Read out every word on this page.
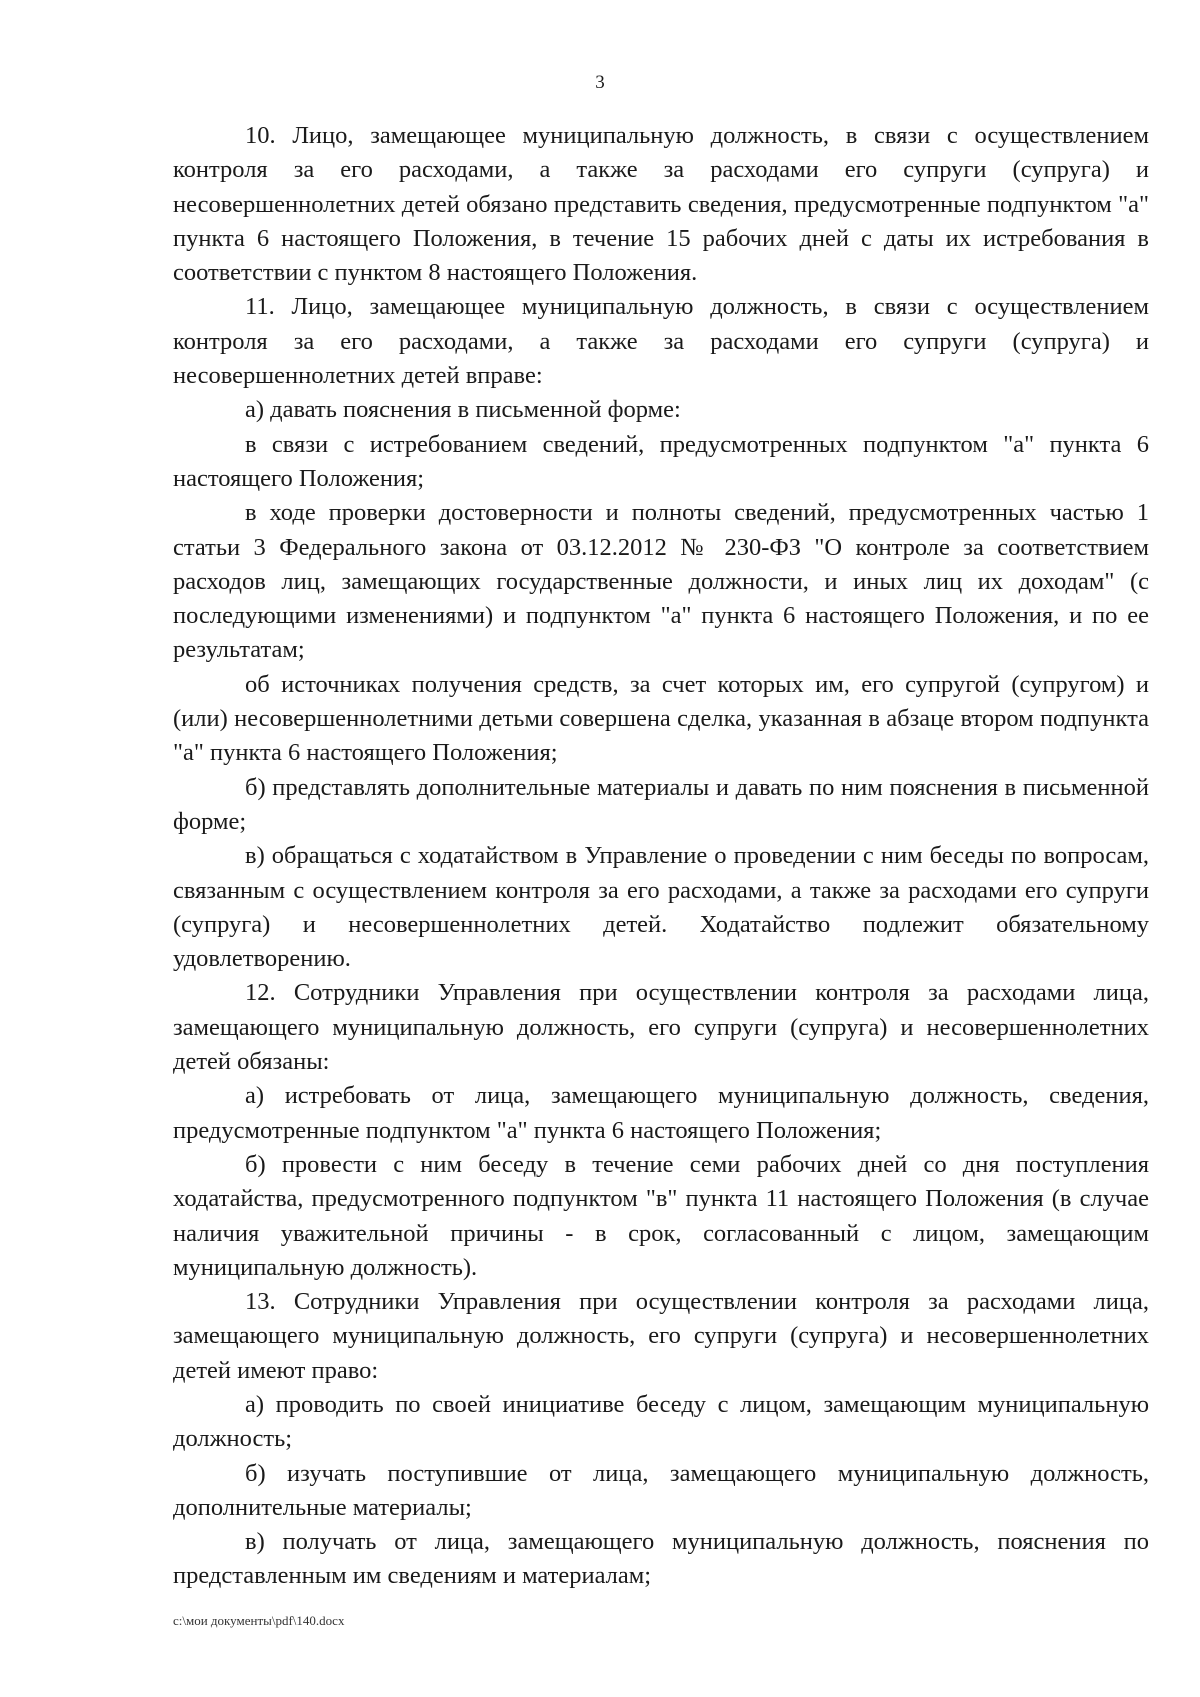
3

10. Лицо, замещающее муниципальную должность, в связи с осуществлением контроля за его расходами, а также за расходами его супруги (супруга) и несовершеннолетних детей обязано представить сведения, предусмотренные подпунктом "а" пункта 6 настоящего Положения, в течение 15 рабочих дней с даты их истребования в соответствии с пунктом 8 настоящего Положения.

11. Лицо, замещающее муниципальную должность, в связи с осуществлением контроля за его расходами, а также за расходами его супруги (супруга) и несовершеннолетних детей вправе:

а) давать пояснения в письменной форме:

в связи с истребованием сведений, предусмотренных подпунктом "а" пункта 6 настоящего Положения;

в ходе проверки достоверности и полноты сведений, предусмотренных частью 1 статьи 3 Федерального закона от 03.12.2012 № 230-ФЗ "О контроле за соответствием расходов лиц, замещающих государственные должности, и иных лиц их доходам" (с последующими изменениями) и подпунктом "а" пункта 6 настоящего Положения, и по ее результатам;

об источниках получения средств, за счет которых им, его супругой (супругом) и (или) несовершеннолетними детьми совершена сделка, указанная в абзаце втором подпункта "а" пункта 6 настоящего Положения;

б) представлять дополнительные материалы и давать по ним пояснения в письменной форме;

в) обращаться с ходатайством в Управление о проведении с ним беседы по вопросам, связанным с осуществлением контроля за его расходами, а также за расходами его супруги (супруга) и несовершеннолетних детей. Ходатайство подлежит обязательному удовлетворению.

12. Сотрудники Управления при осуществлении контроля за расходами лица, замещающего муниципальную должность, его супруги (супруга) и несовершеннолетних детей обязаны:

а) истребовать от лица, замещающего муниципальную должность, сведения, предусмотренные подпунктом "а" пункта 6 настоящего Положения;

б) провести с ним беседу в течение семи рабочих дней со дня поступления ходатайства, предусмотренного подпунктом "в" пункта 11 настоящего Положения (в случае наличия уважительной причины - в срок, согласованный с лицом, замещающим муниципальную должность).

13. Сотрудники Управления при осуществлении контроля за расходами лица, замещающего муниципальную должность, его супруги (супруга) и несовершеннолетних детей имеют право:

а) проводить по своей инициативе беседу с лицом, замещающим муниципальную должность;

б) изучать поступившие от лица, замещающего муниципальную должность, дополнительные материалы;

в) получать от лица, замещающего муниципальную должность, пояснения по представленным им сведениям и материалам;

c:\мои документы\pdf\140.docx
